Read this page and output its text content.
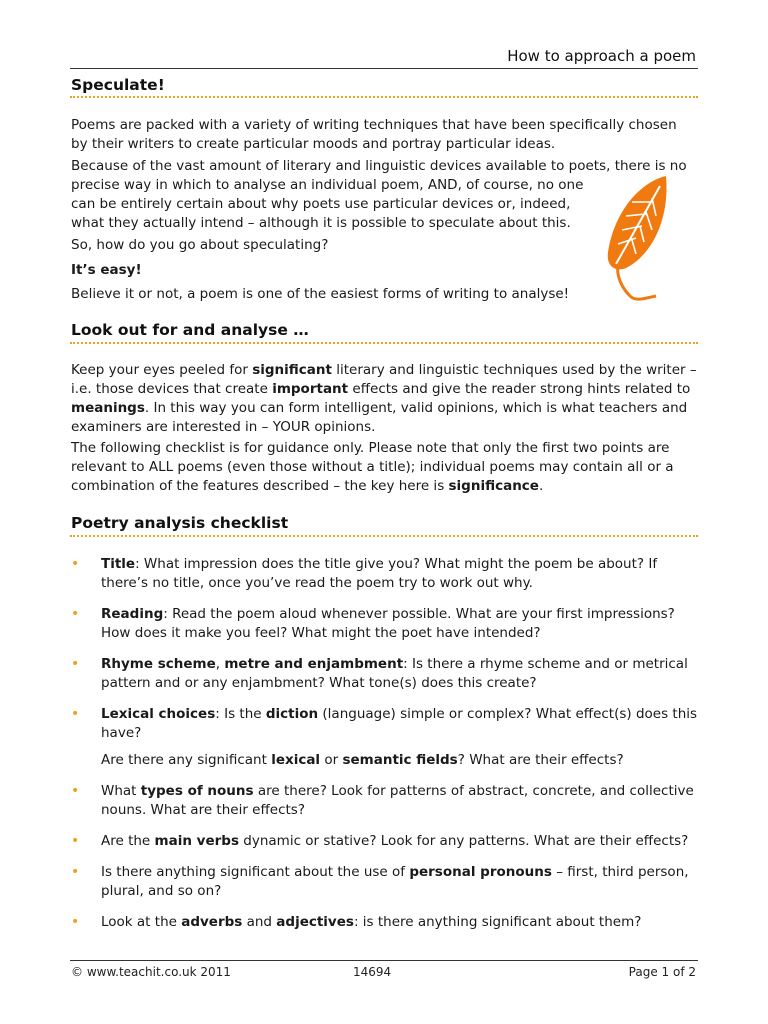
How to approach a poem
Speculate!

Poems are packed with a variety of writing techniques that have been specifically chosen
by their writers to create particular moods and portray particular ideas.

Because of the vast amount of literary and linguistic devices available to poets, there is no
precise way in which to analyse an individual poem, AND, of course, no one
can be entirely certain about why poets use particular devices or, indeed,
what they actually intend – although it is possible to speculate about this.

So, how do you go about speculating?

It’s easy!

Believe it or not, a poem is one of the easiest forms of writing to analyse!

Look out for and analyse …

Keep your eyes peeled for significant literary and linguistic techniques used by the writer –
i.e. those devices that create important effects and give the reader strong hints related to
meanings. In this way you can form intelligent, valid opinions, which is what teachers and
examiners are interested in – YOUR opinions.

The following checklist is for guidance only. Please note that only the first two points are
relevant to ALL poems (even those without a title); individual poems may contain all or a
combination of the features described – the key here is significance.

Poetry analysis checklist
• Title: What impression does the title give you? What might the poem be about? If
there’s no title, once you’ve read the poem try to work out why.

• Reading: Read the poem aloud whenever possible. What are your first impressions?
How does it make you feel? What might the poet have intended?

• Rhyme scheme, metre and enjambment: Is there a rhyme scheme and or metrical
pattern and or any enjambment? What tone(s) does this create?

• Lexical choices: Is the diction (language) simple or complex? What effect(s) does this
have?

Are there any significant lexical or semantic fields? What are their effects?

• What types of nouns are there? Look for patterns of abstract, concrete, and collective
nouns. What are their effects?

• Are the main verbs dynamic or stative? Look for any patterns. What are their effects?

• Is there anything significant about the use of personal pronouns – first, third person,
plural, and so on?

• Look at the adverbs and adjectives: is there anything significant about them?

© www.teachit.co.uk 2011	14694	Page 1 of 2
